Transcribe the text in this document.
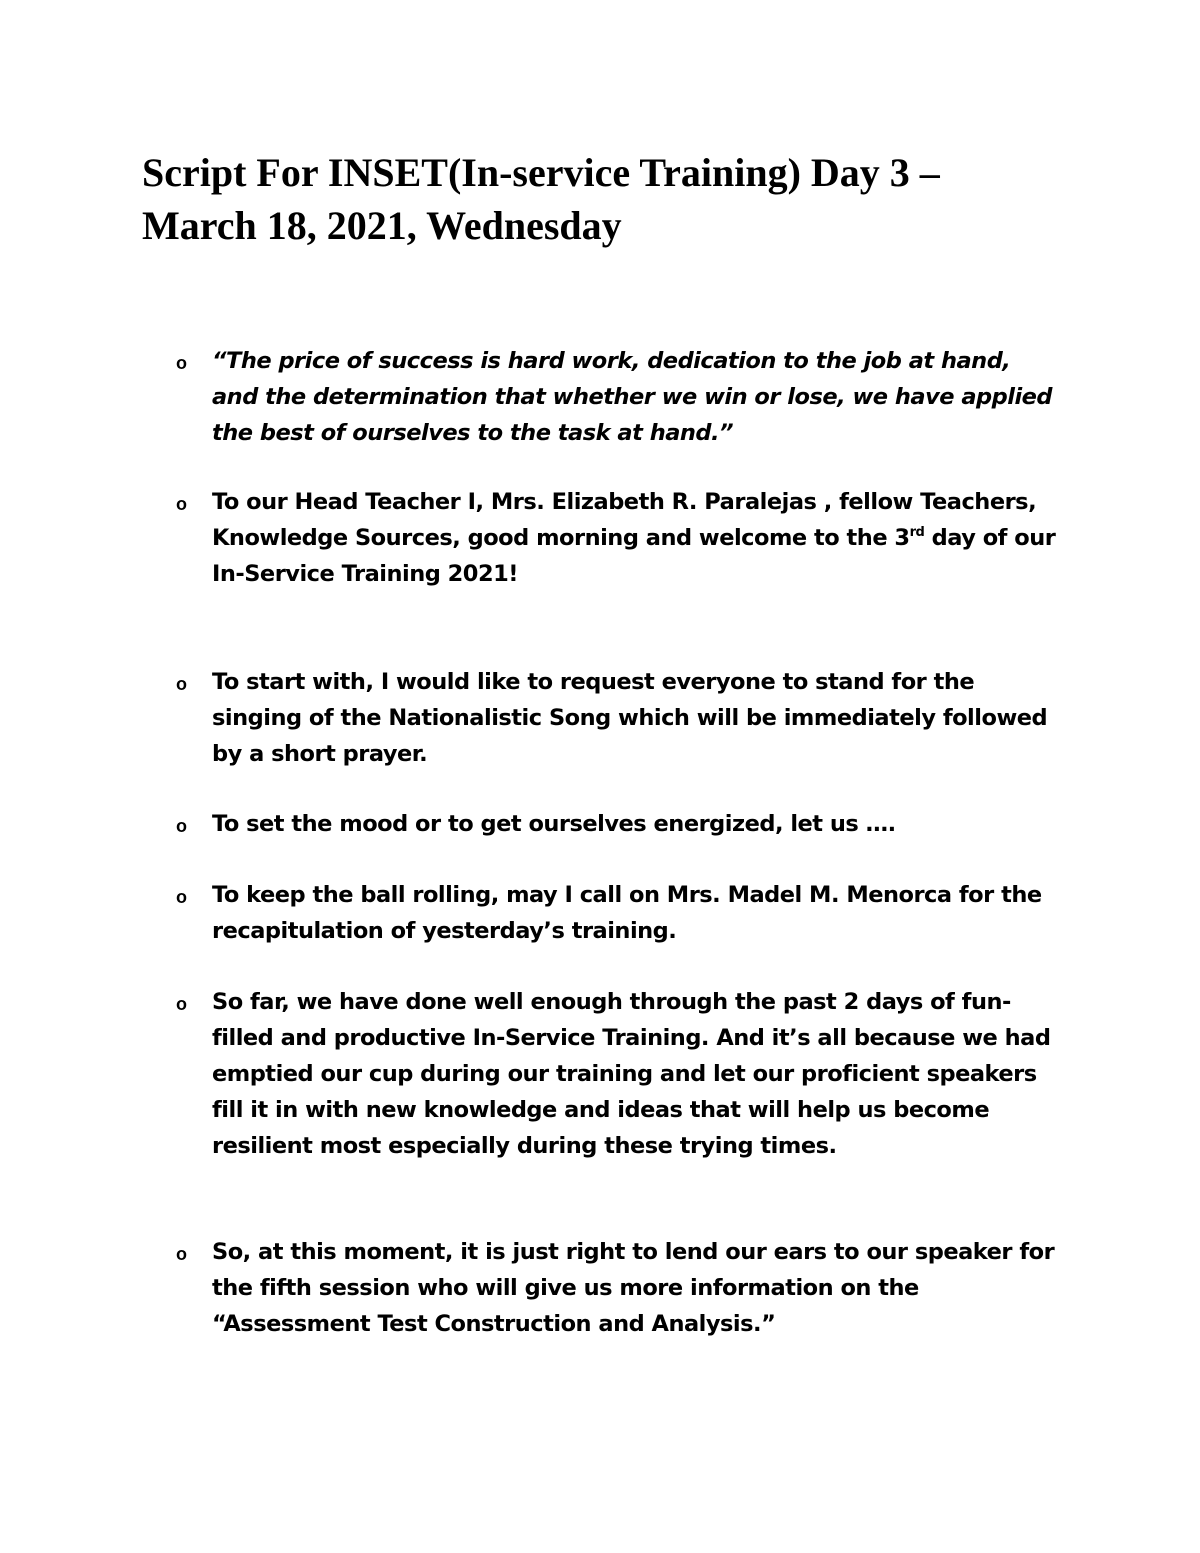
Script For INSET(In-service Training) Day 3 – March 18, 2021, Wednesday
o “The price of success is hard work, dedication to the job at hand, and the determination that whether we win or lose, we have applied the best of ourselves to the task at hand.”
o To our Head Teacher I, Mrs. Elizabeth R. Paralejas , fellow Teachers, Knowledge Sources, good morning and welcome to the 3rd day of our In-Service Training 2021!
o To start with, I would like to request everyone to stand for the singing of the Nationalistic Song which will be immediately followed by a short prayer.
o To set the mood or to get ourselves energized, let us ….
o To keep the ball rolling, may I call on Mrs. Madel M. Menorca for the recapitulation of yesterday’s training.
o So far, we have done well enough through the past 2 days of fun-filled and productive In-Service Training. And it’s all because we had emptied our cup during our training and let our proficient speakers fill it in with new knowledge and ideas that will help us become resilient most especially during these trying times.
o So, at this moment, it is just right to lend our ears to our speaker for the fifth session who will give us more information on the “Assessment Test Construction and Analysis.”
